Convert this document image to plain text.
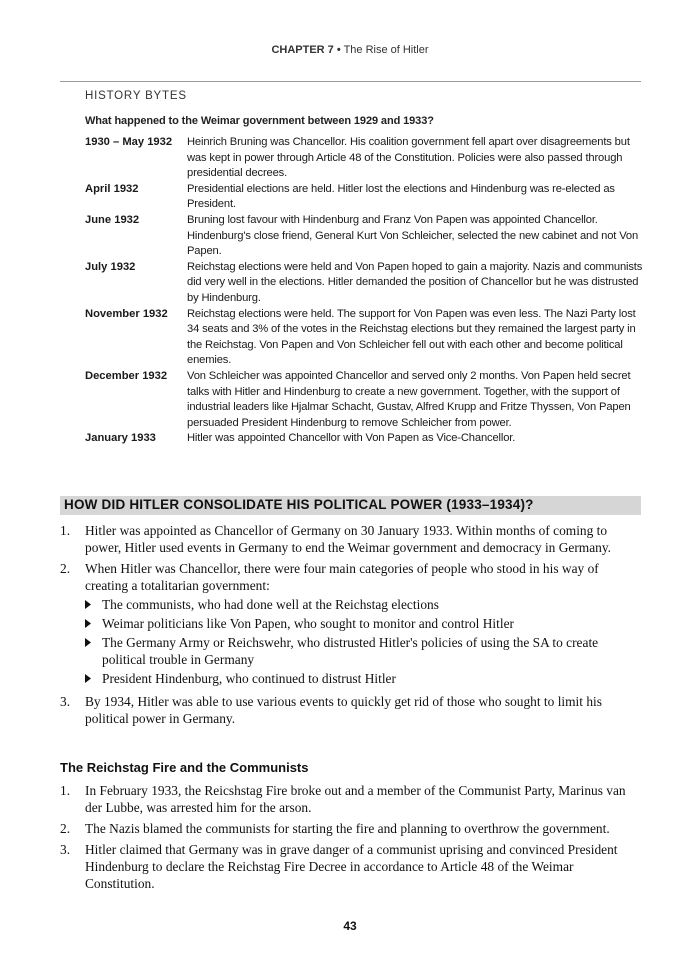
CHAPTER 7 • The Rise of Hitler
HISTORY BYTES
What happened to the Weimar government between 1929 and 1933?
1930 – May 1932	Heinrich Bruning was Chancellor. His coalition government fell apart over disagreements but was kept in power through Article 48 of the Constitution. Policies were also passed through presidential decrees.
April 1932	Presidential elections are held. Hitler lost the elections and Hindenburg was re-elected as President.
June 1932	Bruning lost favour with Hindenburg and Franz Von Papen was appointed Chancellor. Hindenburg's close friend, General Kurt Von Schleicher, selected the new cabinet and not Von Papen.
July 1932	Reichstag elections were held and Von Papen hoped to gain a majority. Nazis and communists did very well in the elections. Hitler demanded the position of Chancellor but he was distrusted by Hindenburg.
November 1932	Reichstag elections were held. The support for Von Papen was even less. The Nazi Party lost 34 seats and 3% of the votes in the Reichstag elections but they remained the largest party in the Reichstag. Von Papen and Von Schleicher fell out with each other and become political enemies.
December 1932	Von Schleicher was appointed Chancellor and served only 2 months. Von Papen held secret talks with Hitler and Hindenburg to create a new government. Together, with the support of industrial leaders like Hjalmar Schacht, Gustav, Alfred Krupp and Fritze Thyssen, Von Papen persuaded President Hindenburg to remove Schleicher from power.
January 1933	Hitler was appointed Chancellor with Von Papen as Vice-Chancellor.
HOW DID HITLER CONSOLIDATE HIS POLITICAL POWER (1933–1934)?
1.	Hitler was appointed as Chancellor of Germany on 30 January 1933. Within months of coming to power, Hitler used events in Germany to end the Weimar government and democracy in Germany.
2.	When Hitler was Chancellor, there were four main categories of people who stood in his way of creating a totalitarian government:
The communists, who had done well at the Reichstag elections
Weimar politicians like Von Papen, who sought to monitor and control Hitler
The Germany Army or Reichswehr, who distrusted Hitler's policies of using the SA to create political trouble in Germany
President Hindenburg, who continued to distrust Hitler
3.	By 1934, Hitler was able to use various events to quickly get rid of those who sought to limit his political power in Germany.
The Reichstag Fire and the Communists
1.	In February 1933, the Reicshstag Fire broke out and a member of the Communist Party, Marinus van der Lubbe, was arrested him for the arson.
2.	The Nazis blamed the communists for starting the fire and planning to overthrow the government.
3.	Hitler claimed that Germany was in grave danger of a communist uprising and convinced President Hindenburg to declare the Reichstag Fire Decree in accordance to Article 48 of the Weimar Constitution.
43
